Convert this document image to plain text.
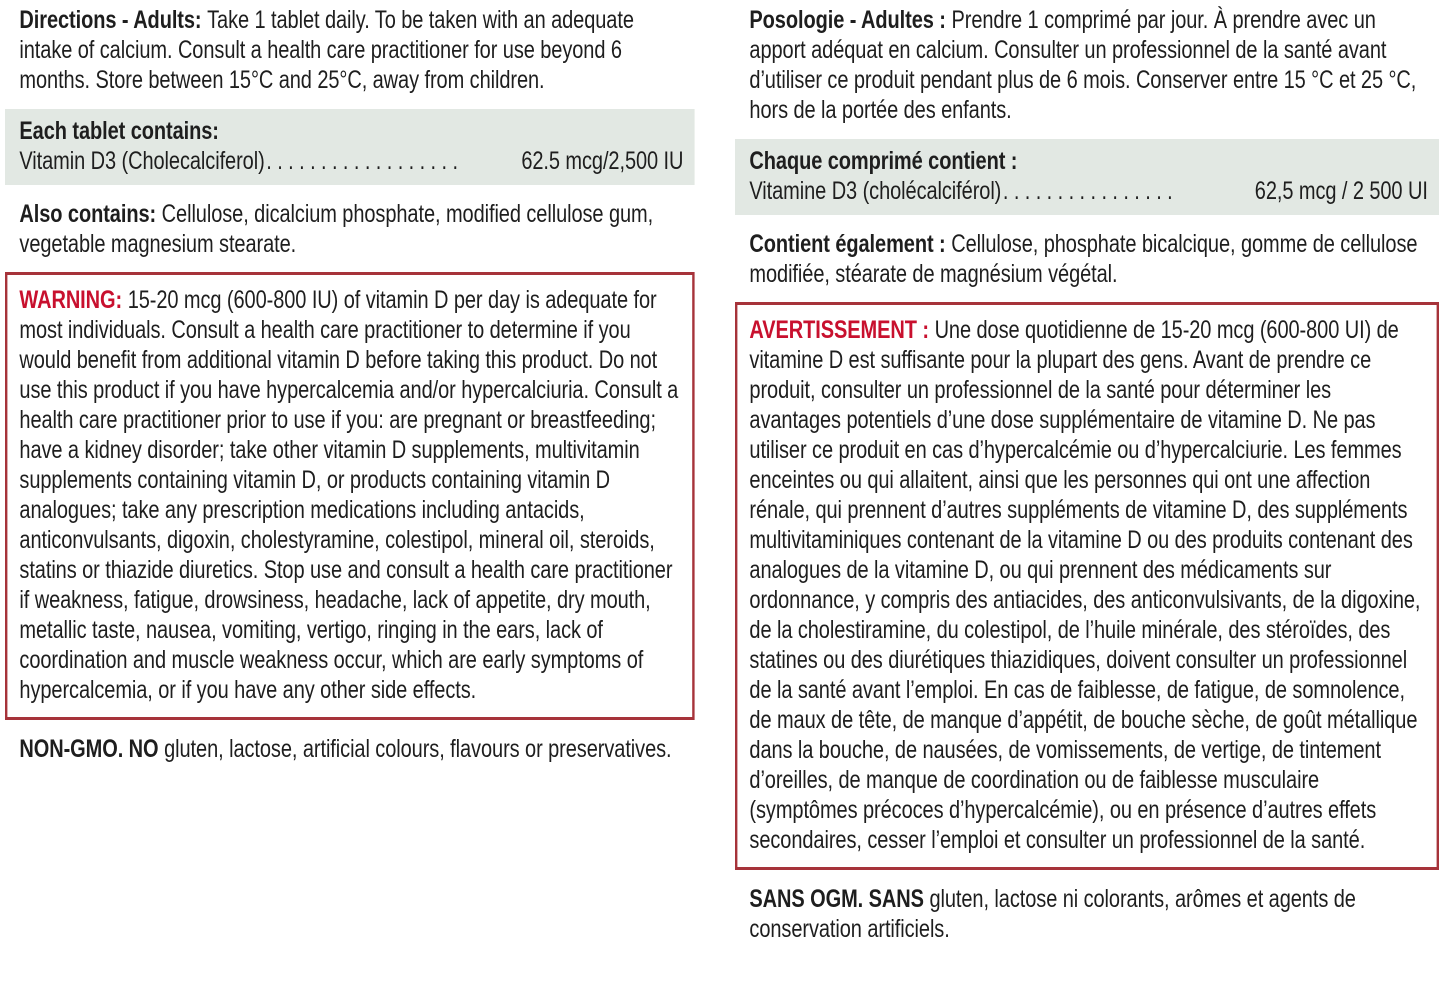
Directions - Adults: Take 1 tablet daily. To be taken with an adequate intake of calcium. Consult a health care practitioner for use beyond 6 months. Store between 15°C and 25°C, away from children.

Each tablet contains:
Vitamin D3 (Cholecalciferol) . . . . . . . . . . . . . . . . . .	62.5 mcg/2,500 IU

Also contains: Cellulose, dicalcium phosphate, modified cellulose gum, vegetable magnesium stearate.

WARNING: 15-20 mcg (600-800 IU) of vitamin D per day is adequate for most individuals. Consult a health care practitioner to determine if you would benefit from additional vitamin D before taking this product. Do not use this product if you have hypercalcemia and/or hypercalciuria. Consult a health care practitioner prior to use if you: are pregnant or breastfeeding; have a kidney disorder; take other vitamin D supplements, multivitamin supplements containing vitamin D, or products containing vitamin D analogues; take any prescription medications including antacids, anticonvulsants, digoxin, cholestyramine, colestipol, mineral oil, steroids, statins or thiazide diuretics. Stop use and consult a health care practitioner if weakness, fatigue, drowsiness, headache, lack of appetite, dry mouth, metallic taste, nausea, vomiting, vertigo, ringing in the ears, lack of coordination and muscle weakness occur, which are early symptoms of hypercalcemia, or if you have any other side effects.

NON-GMO. NO gluten, lactose, artificial colours, flavours or preservatives.

Posologie - Adultes : Prendre 1 comprimé par jour. À prendre avec un apport adéquat en calcium. Consulter un professionnel de la santé avant d’utiliser ce produit pendant plus de 6 mois. Conserver entre 15 °C et 25 °C, hors de la portée des enfants.

Chaque comprimé contient :
Vitamine D3 (cholécalciférol) . . . . . . . . . . . . . . . .	62,5 mcg / 2 500 UI

Contient également : Cellulose, phosphate bicalcique, gomme de cellulose modifiée, stéarate de magnésium végétal.

AVERTISSEMENT : Une dose quotidienne de 15-20 mcg (600-800 UI) de vitamine D est suffisante pour la plupart des gens. Avant de prendre ce produit, consulter un professionnel de la santé pour déterminer les avantages potentiels d’une dose supplémentaire de vitamine D. Ne pas utiliser ce produit en cas d’hypercalcémie ou d’hypercalciurie. Les femmes enceintes ou qui allaitent, ainsi que les personnes qui ont une affection rénale, qui prennent d’autres suppléments de vitamine D, des suppléments multivitaminiques contenant de la vitamine D ou des produits contenant des analogues de la vitamine D, ou qui prennent des médicaments sur ordonnance, y compris des antiacides, des anticonvulsivants, de la digoxine, de la cholestiramine, du colestipol, de l’huile minérale, des stéroïdes, des statines ou des diurétiques thiazidiques, doivent consulter un professionnel de la santé avant l’emploi. En cas de faiblesse, de fatigue, de somnolence, de maux de tête, de manque d’appétit, de bouche sèche, de goût métallique dans la bouche, de nausées, de vomissements, de vertige, de tintement d’oreilles, de manque de coordination ou de faiblesse musculaire (symptômes précoces d’hypercalcémie), ou en présence d’autres effets secondaires, cesser l’emploi et consulter un professionnel de la santé.

SANS OGM. SANS gluten, lactose ni colorants, arômes et agents de conservation artificiels.
